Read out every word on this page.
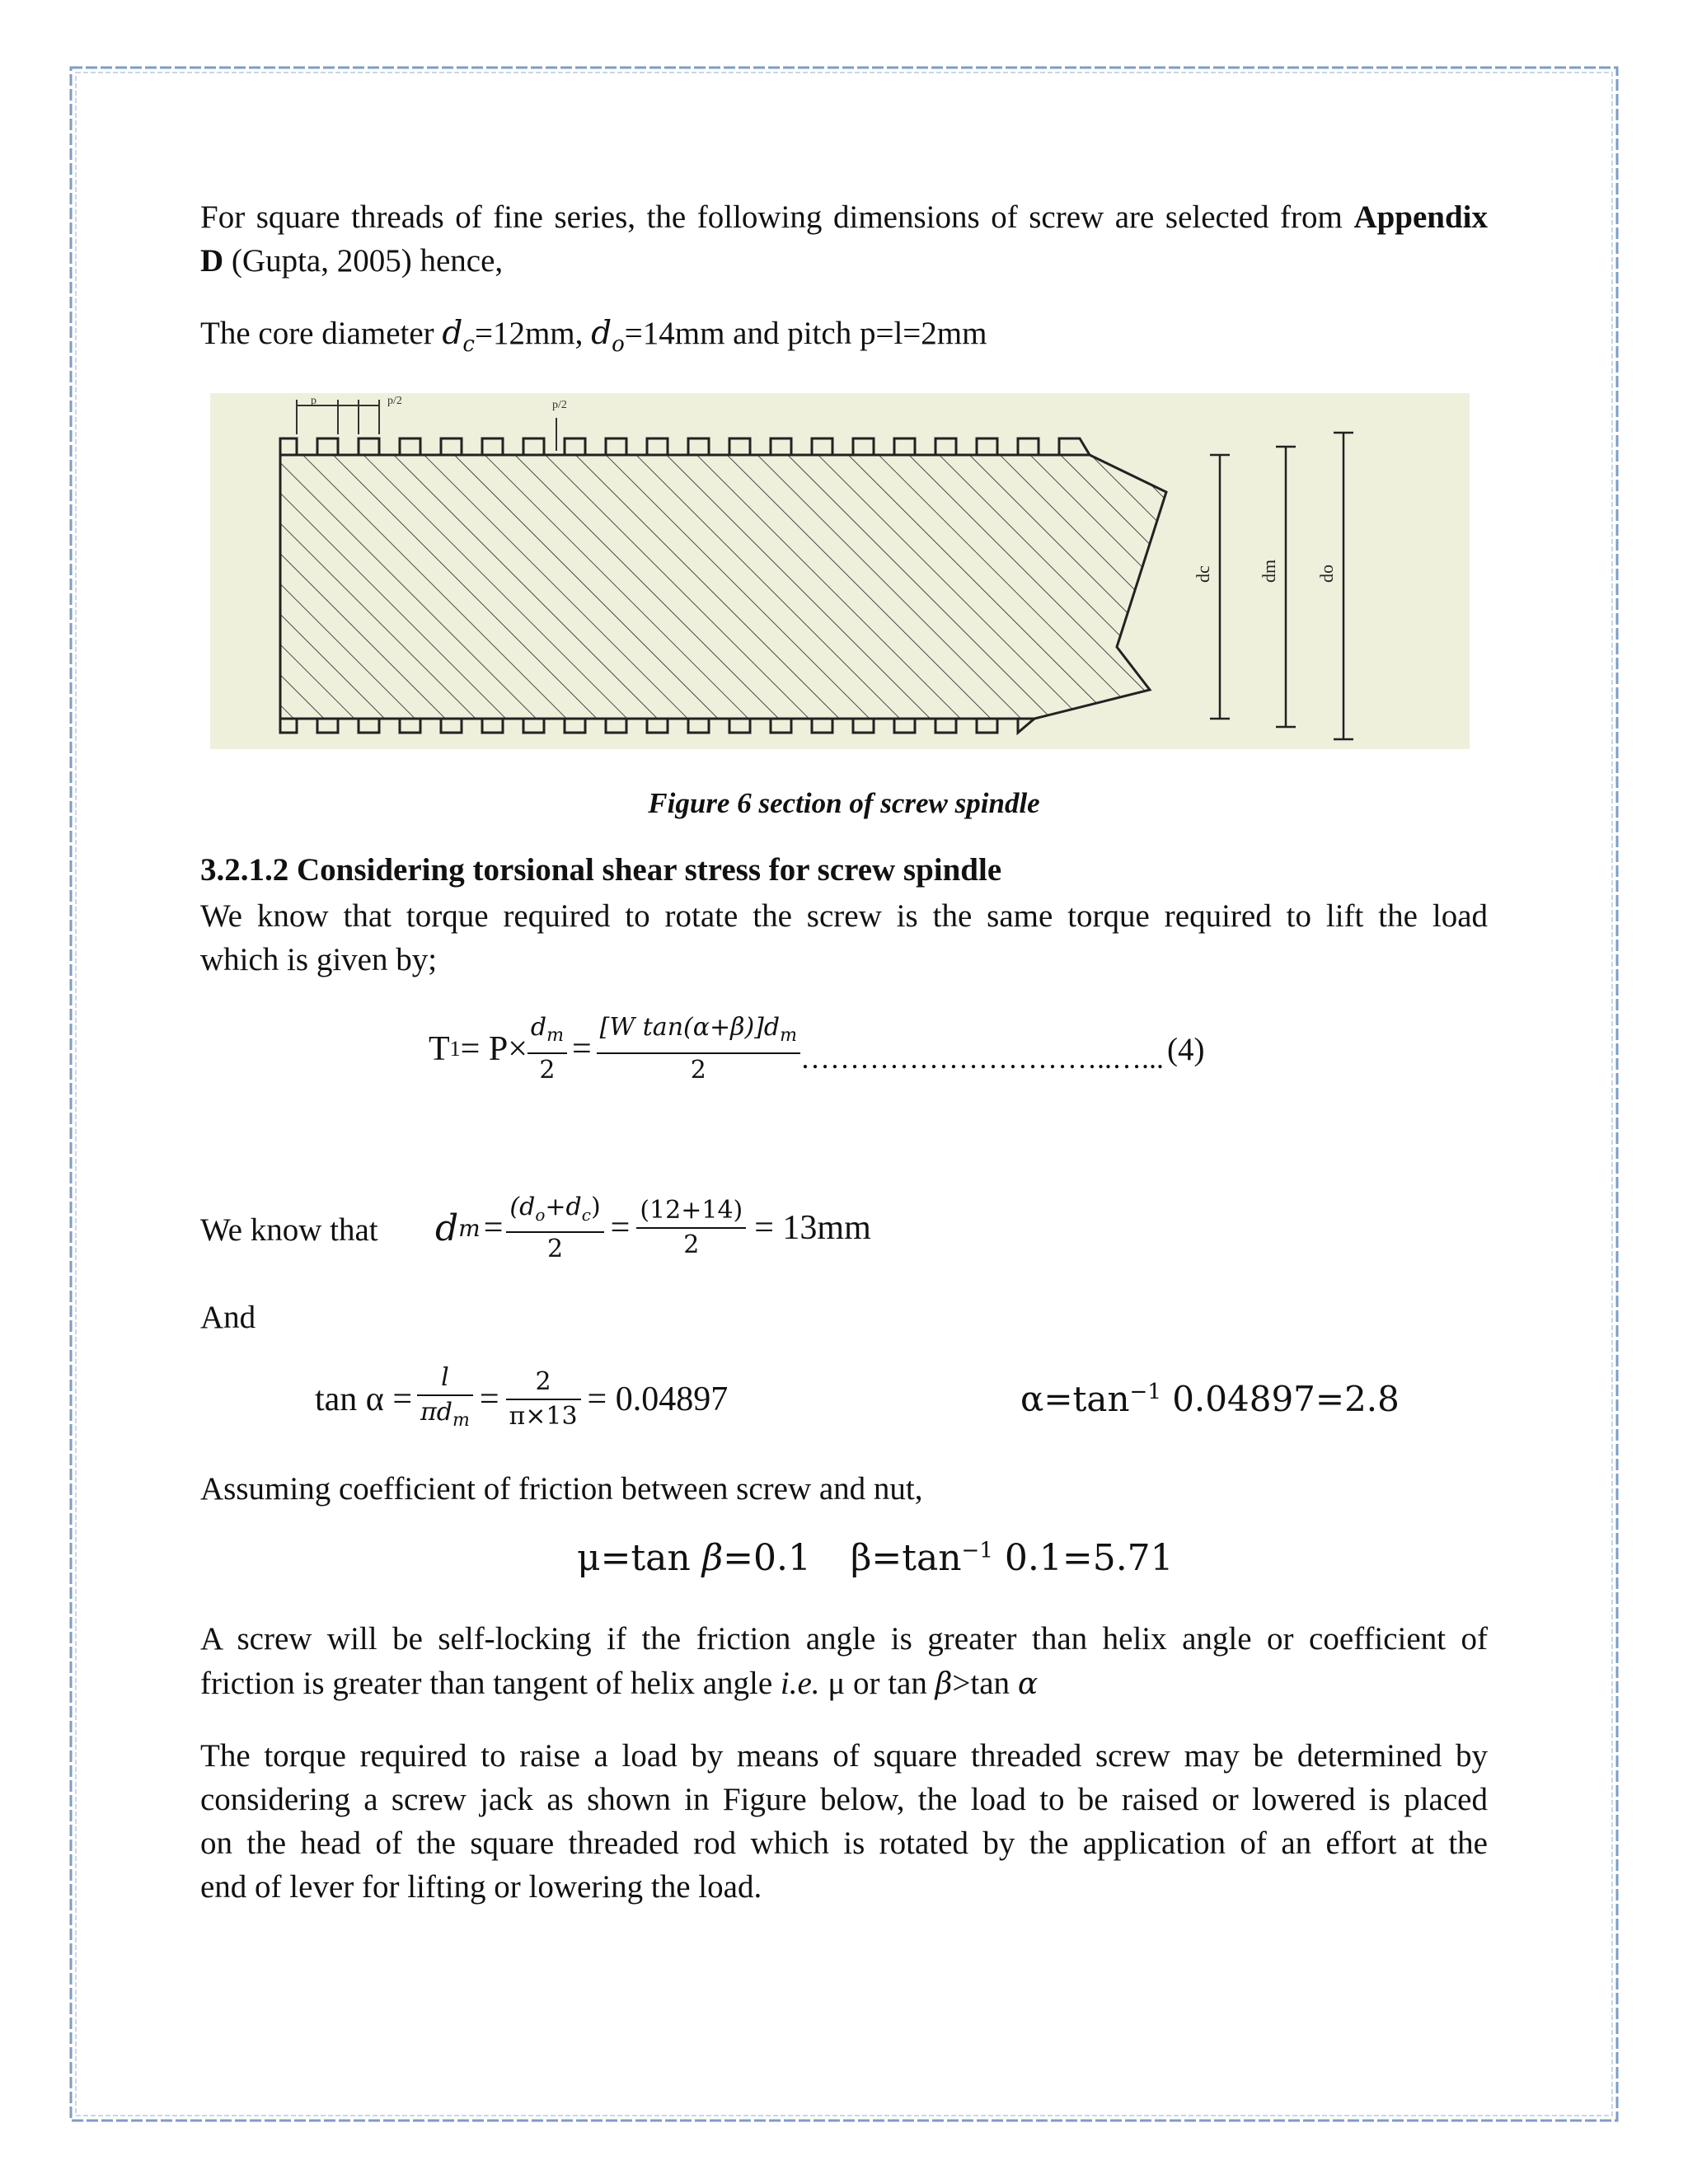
For square threads of fine series, the following dimensions of screw are selected from Appendix
D (Gupta, 2005) hence,
The core diameter $d_c=12mm$, $d_o=14mm$ and pitch p=l=2mm
p	p/2	p/2
dc	dm do
Figure 6 section of screw spindle
3.2.1.2 Considering torsional shear stress for screw spindle
We know that torque required to rotate the screw is the same torque required to lift the load
which is given by;
T $1 = P\times \frac{d_m}{2} = \frac{[W \tan(\alpha+\beta)]d_m}{2}$ …………………………..…... (4)
We know that d $m = \frac{(d_o+d_c)}{2} = \frac{(12+14)}{2} = 13mm$
And
$\tan \alpha = \frac{l}{\pi d_m} = \frac{2}{\pi\times 13} = 0.04897$	$\alpha=\tan^{-1}$ 0.04897=2.8
Assuming coefficient of friction between screw and nut,
μ=tan β=0.1 $\beta=\tan^{-1}$ 0.1=5.71
A screw will be self-locking if the friction angle is greater than helix angle or coefficient of
friction is greater than tangent of helix angle i.e. μ or tan β>tan α
The torque required to raise a load by means of square threaded screw may be determined by
considering a screw jack as shown in Figure below, the load to be raised or lowered is placed
on the head of the square threaded rod which is rotated by the application of an effort at the
end of lever for lifting or lowering the load.
